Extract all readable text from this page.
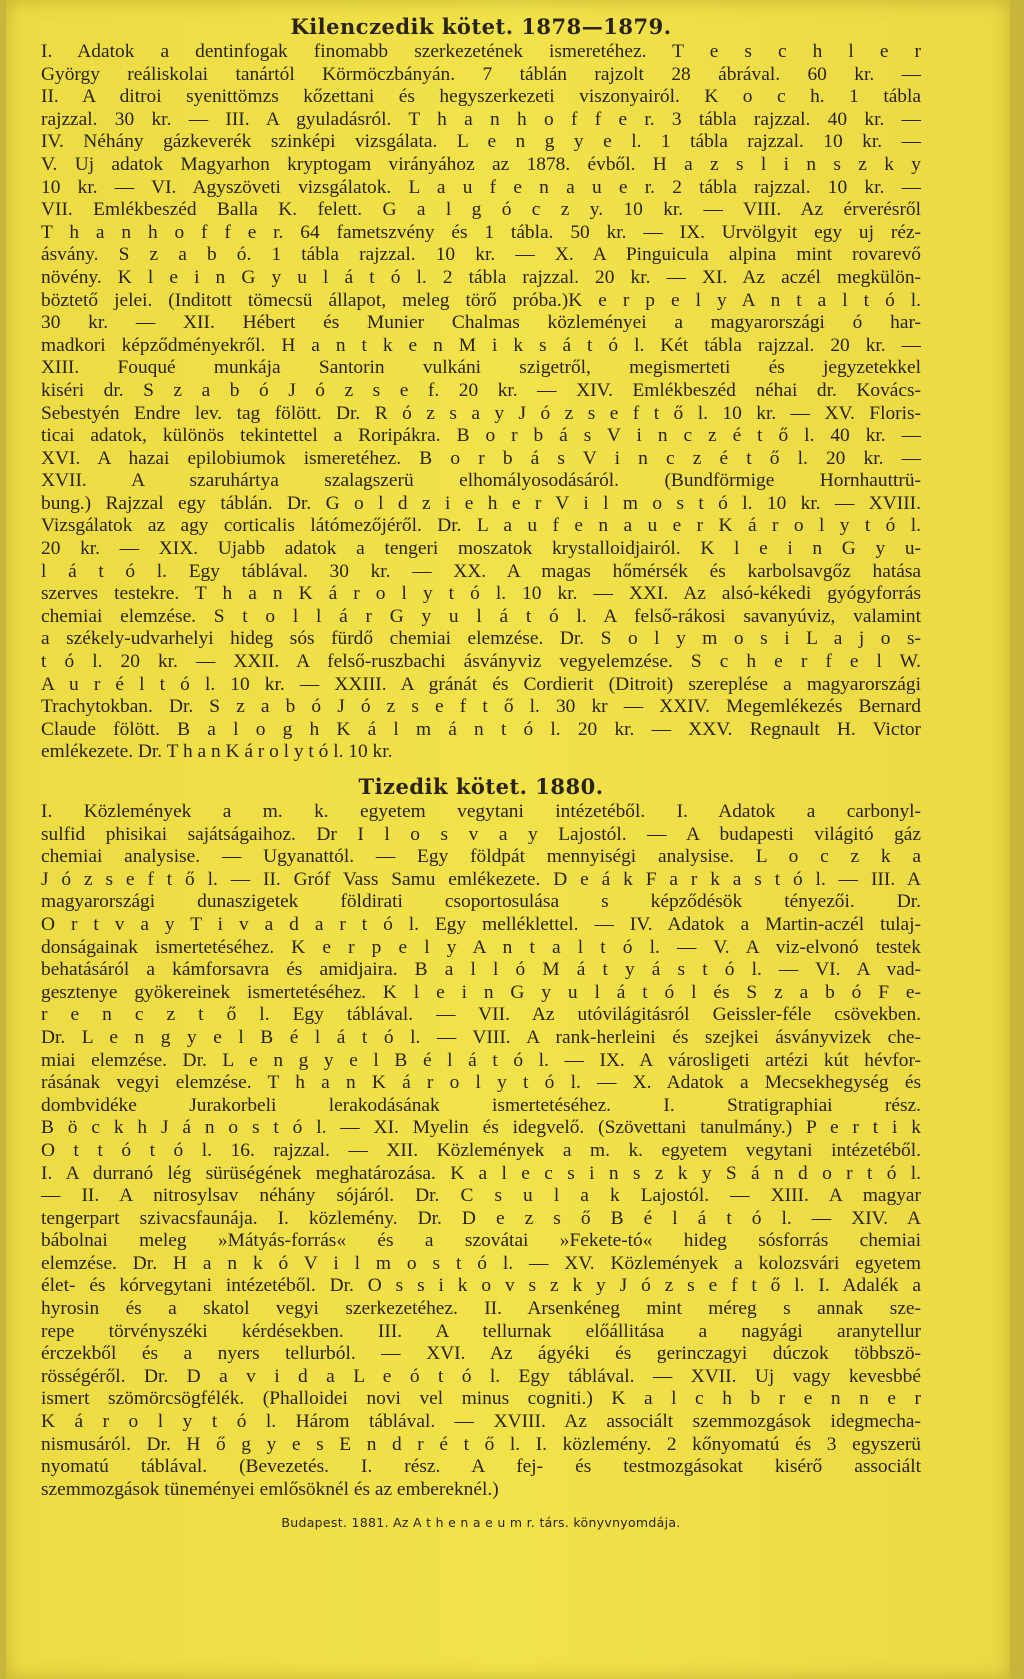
Kilenczedik kötet. 1878—1879.
I. Adatok a dentinfogak finomabb szerkezetének ismeretéhez. T e s c h l e r
György reáliskolai tanártól Körmöczbányán. 7 táblán rajzolt 28 ábrával. 60 kr. —
II. A ditroi syenittömzs kőzettani és hegyszerkezeti viszonyairól. K o c h. 1 tábla
rajzzal. 30 kr. — III. A gyuladásról. T h a n h o f f e r. 3 tábla rajzzal. 40 kr. —
IV. Néhány gázkeverék szinképi vizsgálata. L e n g y e l. 1 tábla rajzzal. 10 kr. —
V. Uj adatok Magyarhon kryptogam virányához az 1878. évből. H a z s l i n s z k y
10 kr. — VI. Agyszöveti vizsgálatok. L a u f e n a u e r. 2 tábla rajzzal. 10 kr. —
VII. Emlékbeszéd Balla K. felett. G a l g ó c z y. 10 kr. — VIII. Az érverésről
T h a n h o f f e r. 64 fametszvény és 1 tábla. 50 kr. — IX. Urvölgyit egy uj réz-
ásvány. S z a b ó. 1 tábla rajzzal. 10 kr. — X. A Pinguicula alpina mint rovarevő
növény. K l e i n G y u l á t ó l. 2 tábla rajzzal. 20 kr. — XI. Az aczél megkülön-
böztető jelei. (Inditott tömecsü állapot, meleg törő próba.)K e r p e l y A n t a l t ó l.
30 kr. — XII. Hébert és Munier Chalmas közleményei a magyarországi ó har-
madkori képződményekről. H a n t k e n M i k s á t ó l. Két tábla rajzzal. 20 kr. —
XIII. Fouqué munkája Santorin vulkáni szigetről, megismerteti és jegyzetekkel
kiséri dr. S z a b ó J ó z s e f. 20 kr. — XIV. Emlékbeszéd néhai dr. Kovács-
Sebestyén Endre lev. tag fölött. Dr. R ó z s a y J ó z s e f t ő l. 10 kr. — XV. Floris-
ticai adatok, különös tekintettel a Roripákra. B o r b á s V i n c z é t ő l. 40 kr. —
XVI. A hazai epilobiumok ismeretéhez. B o r b á s V i n c z é t ő l. 20 kr. —
XVII. A szaruhártya szalagszerü elhomályosodásáról. (Bundförmige Hornhauttrü-
bung.) Rajzzal egy táblán. Dr. G o l d z i e h e r V i l m o s t ó l. 10 kr. — XVIII.
Vizsgálatok az agy corticalis látómezőjéről. Dr. L a u f e n a u e r K á r o l y t ó l.
20 kr. — XIX. Ujabb adatok a tengeri moszatok krystalloidjairól. K l e i n G y u-
l á t ó l. Egy táblával. 30 kr. — XX. A magas hőmérsék és karbolsavgőz hatása
szerves testekre. T h a n K á r o l y t ó l. 10 kr. — XXI. Az alsó-kékedi gyógyforrás
chemiai elemzése. S t o l l á r G y u l á t ó l. A felső-rákosi savanyúviz, valamint
a székely-udvarhelyi hideg sós fürdő chemiai elemzése. Dr. S o l y m o s i L a j o s-
t ó l. 20 kr. — XXII. A felső-ruszbachi ásványviz vegyelemzése. S c h e r f e l W.
A u r é l t ó l. 10 kr. — XXIII. A gránát és Cordierit (Ditroit) szereplése a magyarországi
Trachytokban. Dr. S z a b ó J ó z s e f t ő l. 30 kr — XXIV. Megemlékezés Bernard
Claude fölött. B a l o g h K á l m á n t ó l. 20 kr. — XXV. Regnault H. Victor
emlékezete. Dr. T h a n K á r o l y t ó l. 10 kr.
Tizedik kötet. 1880.
I. Közlemények a m. k. egyetem vegytani intézetéből. I. Adatok a carbonyl-
sulfid phisikai sajátságaihoz. Dr I l o s v a y Lajostól. — A budapesti világitó gáz
chemiai analysise. — Ugyanattól. — Egy földpát mennyiségi analysise. L o c z k a
J ó z s e f t ő l. — II. Gróf Vass Samu emlékezete. D e á k F a r k a s t ó l. — III. A
magyarországi dunaszigetek földirati csoportosulása s képződésök tényezői. Dr.
O r t v a y T i v a d a r t ó l. Egy melléklettel. — IV. Adatok a Martin-aczél tulaj-
donságainak ismertetéséhez. K e r p e l y A n t a l t ó l. — V. A viz-elvonó testek
behatásáról a kámforsavra és amidjaira. B a l l ó M á t y á s t ó l. — VI. A vad-
gesztenye gyökereinek ismertetéséhez. K l e i n G y u l á t ó l és S z a b ó F e-
r e n c z t ő l. Egy táblával. — VII. Az utóvilágitásról Geissler-féle csövekben.
Dr. L e n g y e l B é l á t ó l. — VIII. A rank-herleini és szejkei ásványvizek che-
miai elemzése. Dr. L e n g y e l B é l á t ó l. — IX. A városligeti artézi kút hévfor-
rásának vegyi elemzése. T h a n K á r o l y t ó l. — X. Adatok a Mecsekhegység és
dombvidéke Jurakorbeli lerakodásának ismertetéséhez. I. Stratigraphiai rész.
B ö c k h J á n o s t ó l. — XI. Myelin és idegvelő. (Szövettani tanulmány.) P e r t i k
O t t ó t ó l. 16. rajzzal. — XII. Közlemények a m. k. egyetem vegytani intézetéből.
I. A durranó lég sürüségének meghatározása. K a l e c s i n s z k y S á n d o r t ó l.
— II. A nitrosylsav néhány sójáról. Dr. C s u l a k Lajostól. — XIII. A magyar
tengerpart szivacsfaunája. I. közlemény. Dr. D e z s ő B é l á t ó l. — XIV. A
bábolnai meleg »Mátyás-forrás« és a szovátai »Fekete-tó« hideg sósforrás chemiai
elemzése. Dr. H a n k ó V i l m o s t ó l. — XV. Közlemények a kolozsvári egyetem
élet- és kórvegytani intézetéből. Dr. O s s i k o v s z k y J ó z s e f t ő l. I. Adalék a
hyrosin és a skatol vegyi szerkezetéhez. II. Arsenkéneg mint méreg s annak sze-
repe törvényszéki kérdésekben. III. A tellurnak előállitása a nagyági aranytellur
érczekből és a nyers tellurból. — XVI. Az ágyéki és gerinczagyi dúczok többszö-
rösségéről. Dr. D a v i d a L e ó t ó l. Egy táblával. — XVII. Uj vagy kevesbbé
ismert szömörcsögfélék. (Phalloidei novi vel minus cogniti.) K a l c h b r e n n e r
K á r o l y t ó l. Három táblával. — XVIII. Az associált szemmozgások idegmecha-
nismusáról. Dr. H ő g y e s E n d r é t ő l. I. közlemény. 2 kőnyomatú és 3 egyszerü
nyomatú táblával. (Bevezetés. I. rész. A fej- és testmozgásokat kisérő associált
szemmozgások tüneményei emlősöknél és az embereknél.)
Budapest. 1881. Az A t h e n a e u m r. társ. könyvnyomdája.
